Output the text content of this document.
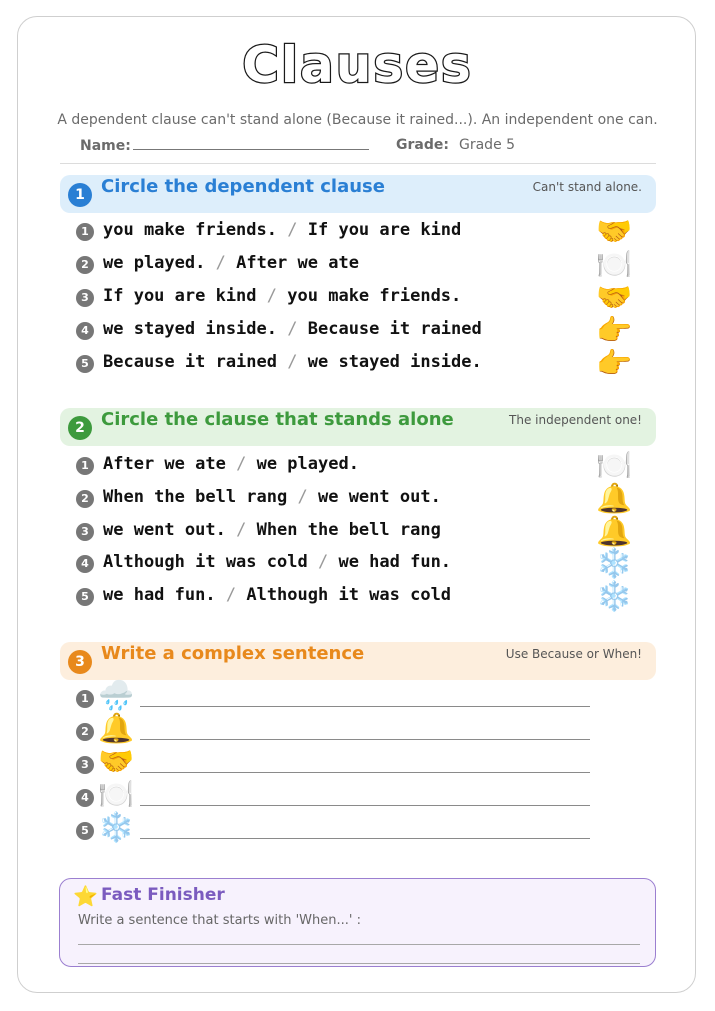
Clauses
A dependent clause can't stand alone (Because it rained...). An independent one can.
Name:	Grade: Grade 5
1 Circle the dependent clause	Can't stand alone.
1 you make friends. / If you are kind	🤝
2 we played. / After we ate	🍽️
3 If you are kind / you make friends.	🤝
4 we stayed inside. / Because it rained	👉
5 Because it rained / we stayed inside.	👉
2 Circle the clause that stands alone	The independent one!
1 After we ate / we played.	🍽️
2 When the bell rang / we went out.	🔔
3 we went out. / When the bell rang	🔔
4 Although it was cold / we had fun.	❄️
5 we had fun. / Although it was cold	❄️
3 Write a complex sentence	Use Because or When!
1 🌧️
2 🔔
3 🤝
4 🍽️
5 ❄️
⭐ Fast Finisher
Write a sentence that starts with 'When...' :
